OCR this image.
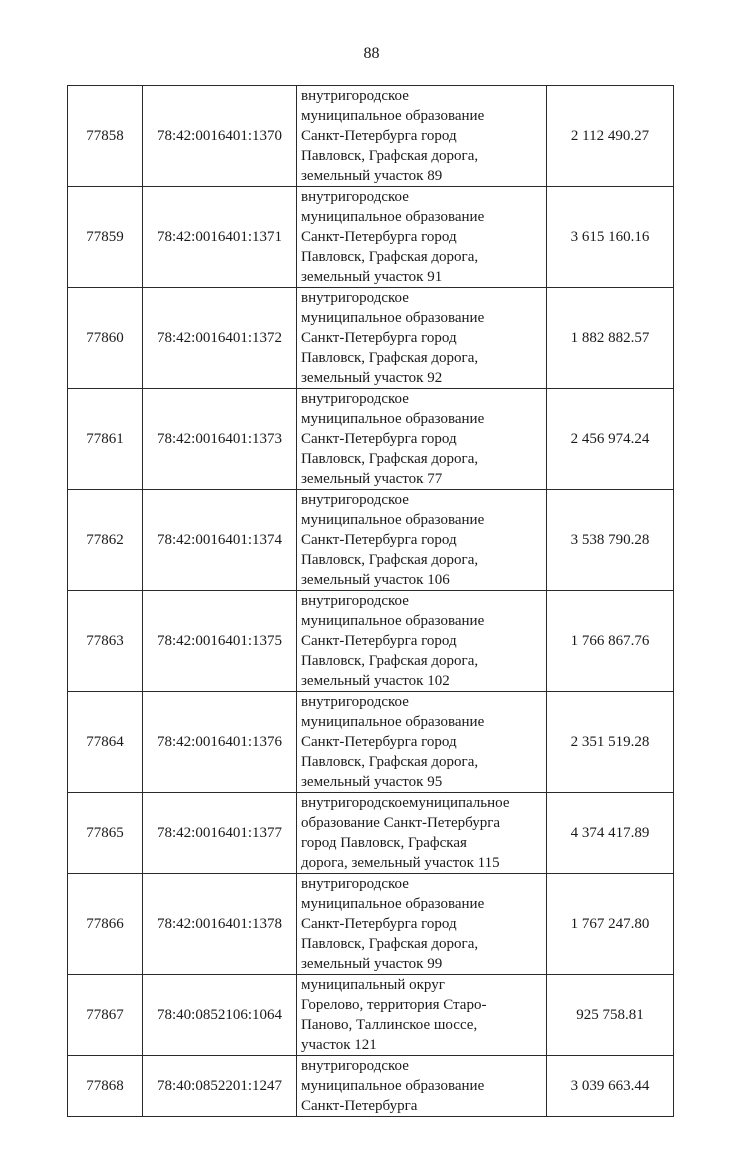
88
77858	78:42:0016401:1370	внутригородское
муниципальное образование
Санкт-Петербурга город
Павловск, Графская дорога,
земельный участок 89	2 112 490.27
77859	78:42:0016401:1371	внутригородское
муниципальное образование
Санкт-Петербурга город
Павловск, Графская дорога,
земельный участок 91	3 615 160.16
77860	78:42:0016401:1372	внутригородское
муниципальное образование
Санкт-Петербурга город
Павловск, Графская дорога,
земельный участок 92	1 882 882.57
77861	78:42:0016401:1373	внутригородское
муниципальное образование
Санкт-Петербурга город
Павловск, Графская дорога,
земельный участок 77	2 456 974.24
77862	78:42:0016401:1374	внутригородское
муниципальное образование
Санкт-Петербурга город
Павловск, Графская дорога,
земельный участок 106	3 538 790.28
77863	78:42:0016401:1375	внутригородское
муниципальное образование
Санкт-Петербурга город
Павловск, Графская дорога,
земельный участок 102	1 766 867.76
77864	78:42:0016401:1376	внутригородское
муниципальное образование
Санкт-Петербурга город
Павловск, Графская дорога,
земельный участок 95	2 351 519.28
77865	78:42:0016401:1377	внутригородскоемуниципальное
образование Санкт-Петербурга
город Павловск, Графская
дорога, земельный участок 115	4 374 417.89
77866	78:42:0016401:1378	внутригородское
муниципальное образование
Санкт-Петербурга город
Павловск, Графская дорога,
земельный участок 99	1 767 247.80
77867	78:40:0852106:1064	муниципальный округ
Горелово, территория Старо-
Паново, Таллинское шоссе,
участок 121	925 758.81
77868	78:40:0852201:1247	внутригородское
муниципальное образование
Санкт-Петербурга	3 039 663.44
